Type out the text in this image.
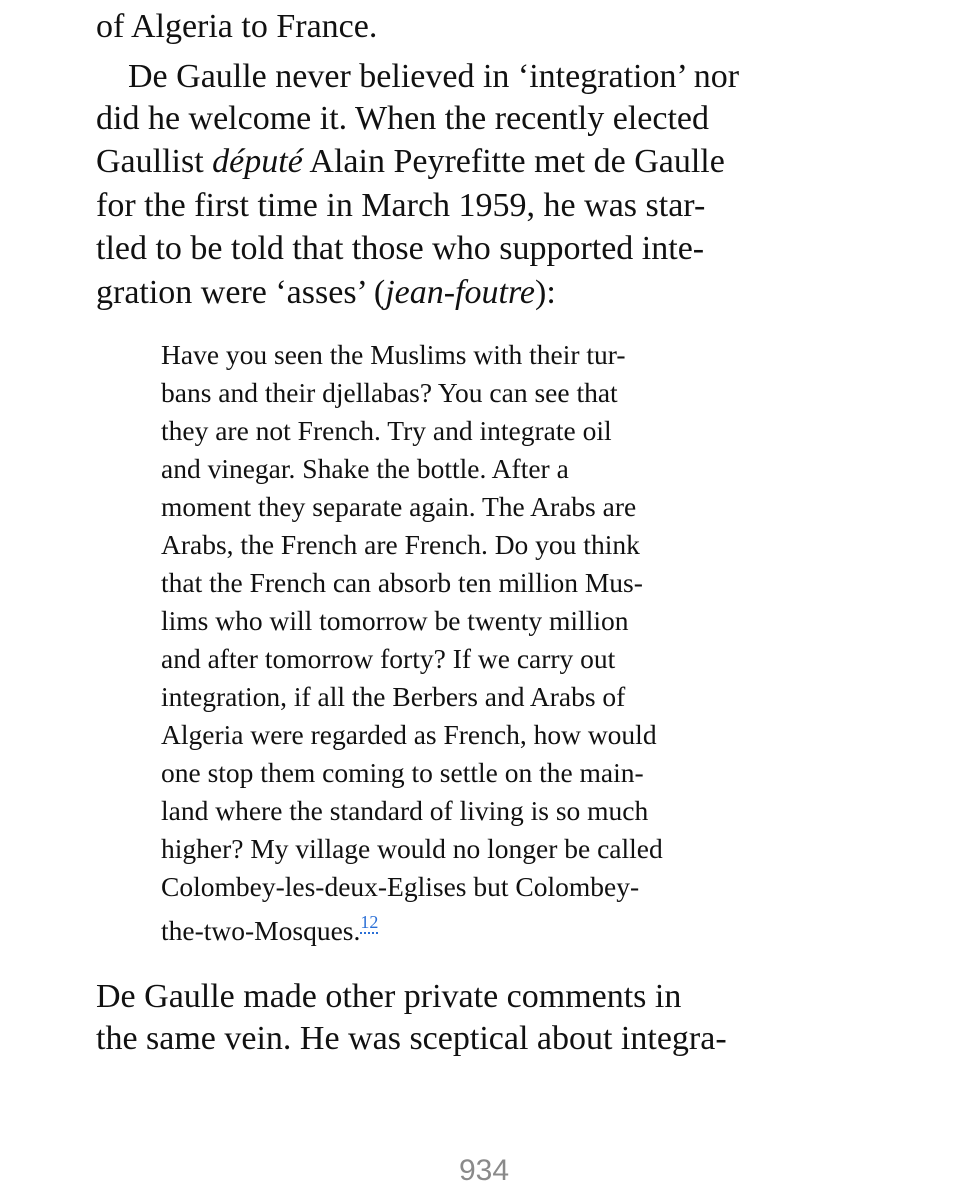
of Algeria to France.
De Gaulle never believed in ‘integration’ nor
did he welcome it. When the recently elected
Gaullist député Alain Peyrefitte met de Gaulle
for the first time in March 1959, he was star-
tled to be told that those who supported inte-
gration were ‘asses’ (jean-foutre):
Have you seen the Muslims with their tur-
bans and their djellabas? You can see that
they are not French. Try and integrate oil
and vinegar. Shake the bottle. After a
moment they separate again. The Arabs are
Arabs, the French are French. Do you think
that the French can absorb ten million Mus-
lims who will tomorrow be twenty million
and after tomorrow forty? If we carry out
integration, if all the Berbers and Arabs of
Algeria were regarded as French, how would
one stop them coming to settle on the main-
land where the standard of living is so much
higher? My village would no longer be called
Colombey-les-deux-Eglises but Colombey-
the-two-Mosques.$^{12}$
De Gaulle made other private comments in
the same vein. He was sceptical about integra-
934
